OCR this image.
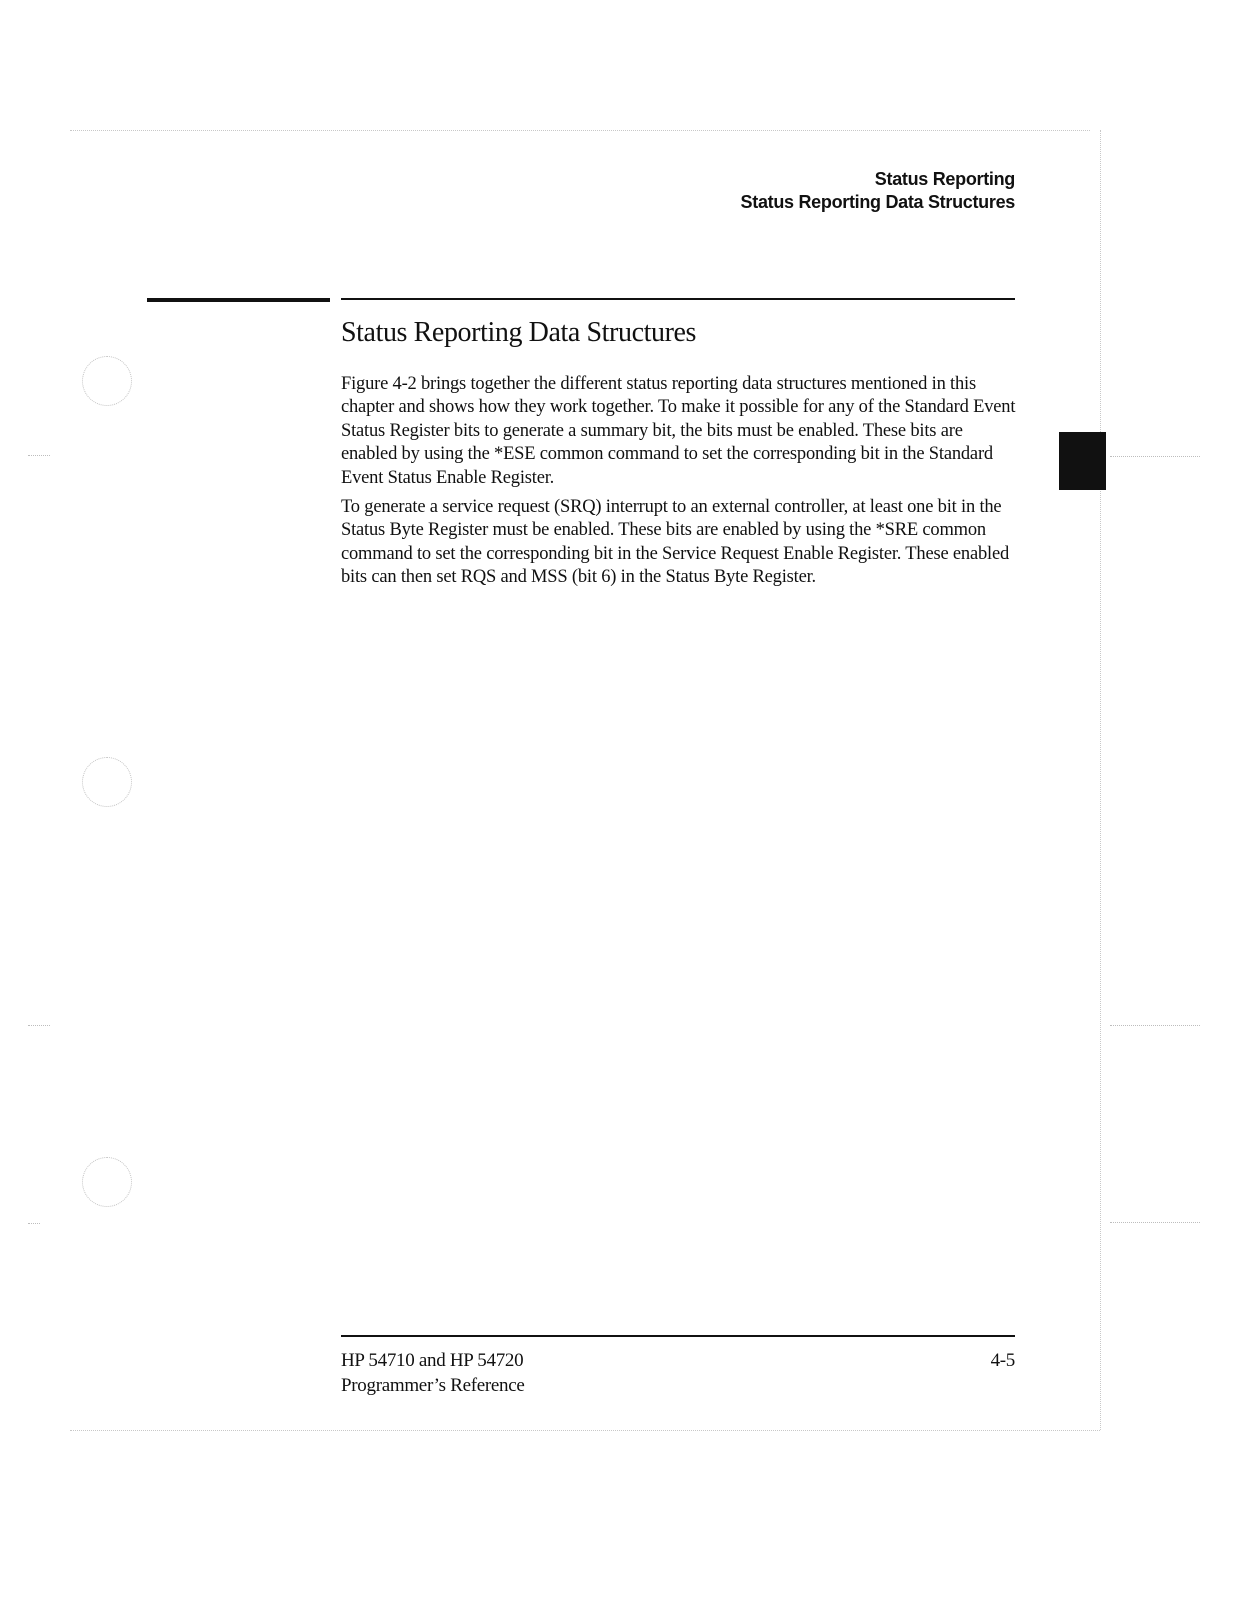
Status Reporting
Status Reporting Data Structures
Status Reporting Data Structures

Figure 4-2 brings together the different status reporting data structures mentioned in this chapter and shows how they work together. To make it possible for any of the Standard Event Status Register bits to generate a summary bit, the bits must be enabled. These bits are enabled by using the *ESE common command to set the corresponding bit in the Standard Event Status Enable Register.

To generate a service request (SRQ) interrupt to an external controller, at least one bit in the Status Byte Register must be enabled. These bits are enabled by using the *SRE common command to set the corresponding bit in the Service Request Enable Register. These enabled bits can then set RQS and MSS (bit 6) in the Status Byte Register.

HP 54710 and HP 54720
Programmer’s Reference
4-5
